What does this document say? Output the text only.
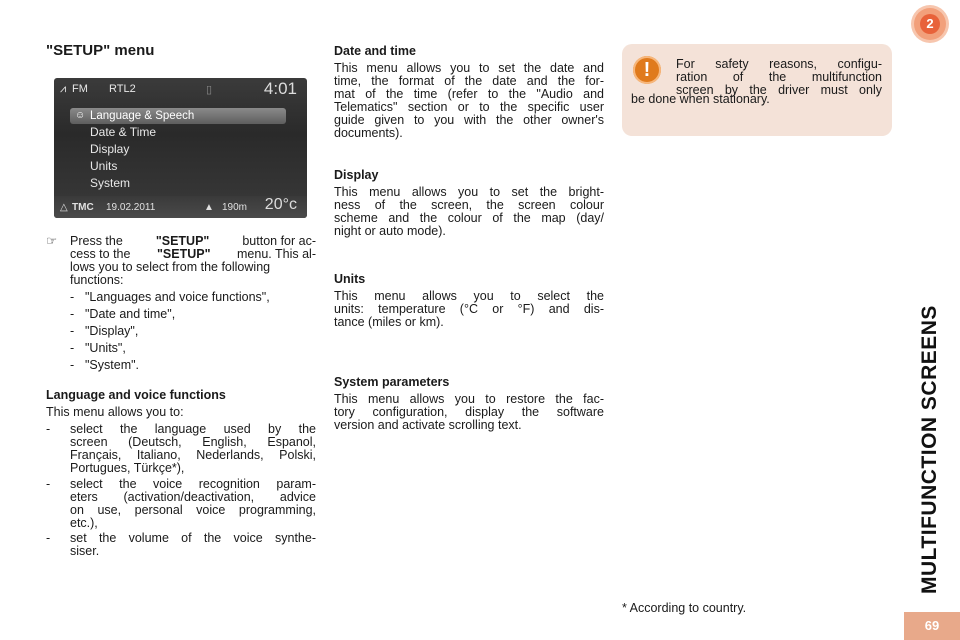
"SETUP" menu
⩘ FM RTL2	▯	4:01
☺ Language & Speech
Date & Time
Display
Units
System
△ TMC 19.02.2011	▲ 190m 20°c
☞ Press the	"SETUP"	button for ac-
cess to the "SETUP" menu. This al-
lows you to select from the following
functions:
- "Languages and voice functions",
- "Date and time",
- "Display",
- "Units",
- "System".
Language and voice functions
This menu allows you to:
- select the language used by the
screen (Deutsch, English, Espanol,
Français, Italiano, Nederlands, Polski,
Portugues, Türkçe*),
- select the voice recognition param-
eters (activation/deactivation, advice
on use, personal voice programming,
etc.),
- set the volume of the voice synthe-
siser.
Date and time
This menu allows you to set the date and
time, the format of the date and the for-
mat of the time (refer to the "Audio and
Telematics" section or to the specific user
guide given to you with the other owner's
documents).
Display
This menu allows you to set the bright-
ness of the screen, the screen colour
scheme and the colour of the map (day/
night or auto mode).
Units
This menu allows you to select the
units: temperature (°C or °F) and dis-
tance (miles or km).
System parameters
This menu allows you to restore the fac-
tory configuration, display the software
version and activate scrolling text.
!	For safety reasons, configu-
ration of the multifunction
screen by the driver must only
be done when stationary.
* According to country.
2
MULTIFUNCTION SCREENS
69
